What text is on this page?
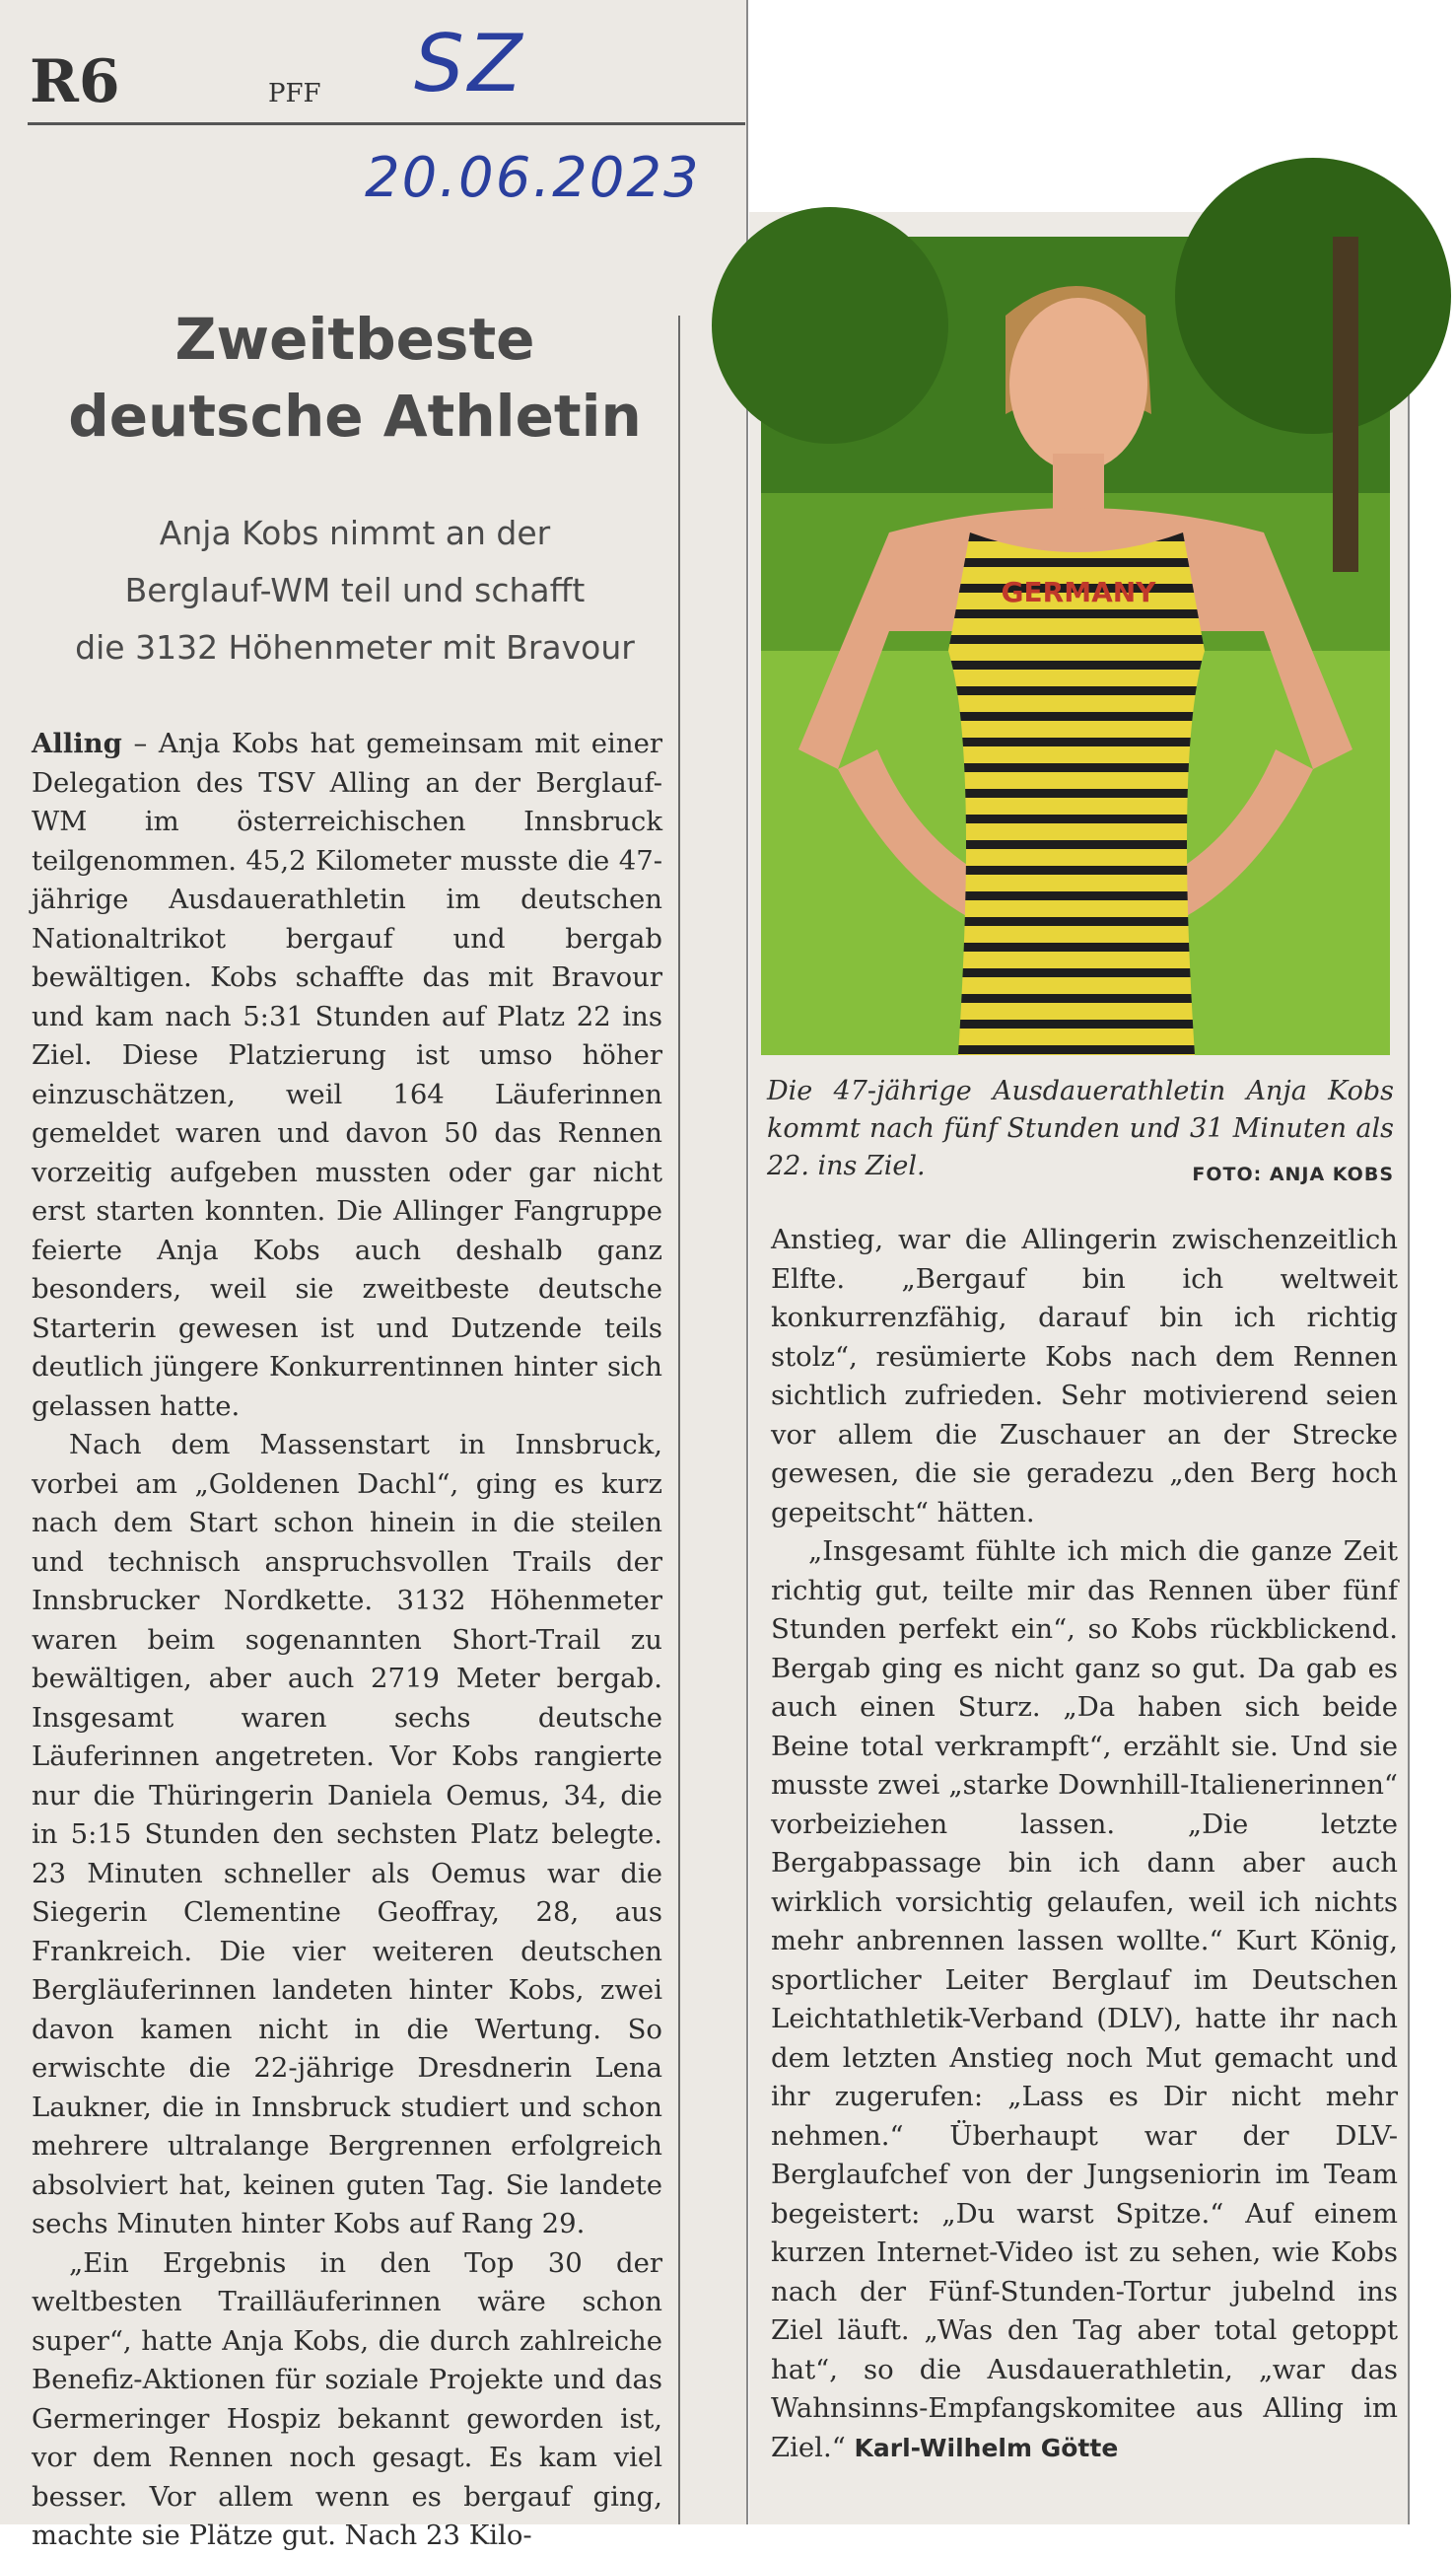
R6	PFF SZ
20.06.2023
Zweitbeste
deutsche Athletin
Anja Kobs nimmt an der
Berglauf-WM teil und schafft
die 3132 Höhenmeter mit Bravour

Alling – Anja Kobs hat gemeinsam mit einer Delegation des TSV Alling an der Berglauf-WM im österreichischen Innsbruck teilgenommen. 45,2 Kilometer musste die 47-jährige Ausdauerathletin im deutschen Nationaltrikot bergauf und bergab bewältigen. Kobs schaffte das mit Bravour und kam nach 5:31 Stunden auf Platz 22 ins Ziel. Diese Platzierung ist umso höher einzuschätzen, weil 164 Läuferinnen gemeldet waren und davon 50 das Rennen vorzeitig aufgeben mussten oder gar nicht erst starten konnten. Die Allinger Fangruppe feierte Anja Kobs auch deshalb ganz besonders, weil sie zweitbeste deutsche Starterin gewesen ist und Dutzende teils deutlich jüngere Konkurrentinnen hinter sich gelassen hatte.

Nach dem Massenstart in Innsbruck, vorbei am „Goldenen Dachl“, ging es kurz nach dem Start schon hinein in die steilen und technisch anspruchsvollen Trails der Innsbrucker Nordkette. 3132 Höhenmeter waren beim sogenannten Short-Trail zu bewältigen, aber auch 2719 Meter bergab. Insgesamt waren sechs deutsche Läuferinnen angetreten. Vor Kobs rangierte nur die Thüringerin Daniela Oemus, 34, die in 5:15 Stunden den sechsten Platz belegte. 23 Minuten schneller als Oemus war die Siegerin Clementine Geoffray, 28, aus Frankreich. Die vier weiteren deutschen Bergläuferinnen landeten hinter Kobs, zwei davon kamen nicht in die Wertung. So erwischte die 22-jährige Dresdnerin Lena Laukner, die in Innsbruck studiert und schon mehrere ultralange Bergrennen erfolgreich absolviert hat, keinen guten Tag. Sie landete sechs Minuten hinter Kobs auf Rang 29.

„Ein Ergebnis in den Top 30 der weltbesten Trailläuferinnen wäre schon super“, hatte Anja Kobs, die durch zahlreiche Benefiz-Aktionen für soziale Projekte und das Germeringer Hospiz bekannt geworden ist, vor dem Rennen noch gesagt. Es kam viel besser. Vor allem wenn es bergauf ging, machte sie Plätze gut. Nach 23 Kilo-

GERMANY
Die 47-jährige Ausdauerathletin Anja Kobs kommt nach fünf Stunden und 31 Minuten als 22. ins Ziel.	FOTO: ANJA KOBS

Anstieg, war die Allingerin zwischenzeitlich Elfte. „Bergauf bin ich weltweit konkurrenzfähig, darauf bin ich richtig stolz“, resümierte Kobs nach dem Rennen sichtlich zufrieden. Sehr motivierend seien vor allem die Zuschauer an der Strecke gewesen, die sie geradezu „den Berg hoch gepeitscht“ hätten.

„Insgesamt fühlte ich mich die ganze Zeit richtig gut, teilte mir das Rennen über fünf Stunden perfekt ein“, so Kobs rückblickend. Bergab ging es nicht ganz so gut. Da gab es auch einen Sturz. „Da haben sich beide Beine total verkrampft“, erzählt sie. Und sie musste zwei „starke Downhill-Italienerinnen“ vorbeiziehen lassen. „Die letzte Bergabpassage bin ich dann aber auch wirklich vorsichtig gelaufen, weil ich nichts mehr anbrennen lassen wollte.“ Kurt König, sportlicher Leiter Berglauf im Deutschen Leichtathletik-Verband (DLV), hatte ihr nach dem letzten Anstieg noch Mut gemacht und ihr zugerufen: „Lass es Dir nicht mehr nehmen.“ Überhaupt war der DLV-Berglaufchef von der Jungseniorin im Team begeistert: „Du warst Spitze.“ Auf einem kurzen Internet-Video ist zu sehen, wie Kobs nach der Fünf-Stunden-Tortur jubelnd ins Ziel läuft. „Was den Tag aber total getoppt hat“, so die Ausdauerathletin, „war das Wahnsinns-Empfangskomitee aus Alling im Ziel.“ Karl-Wilhelm Götte
